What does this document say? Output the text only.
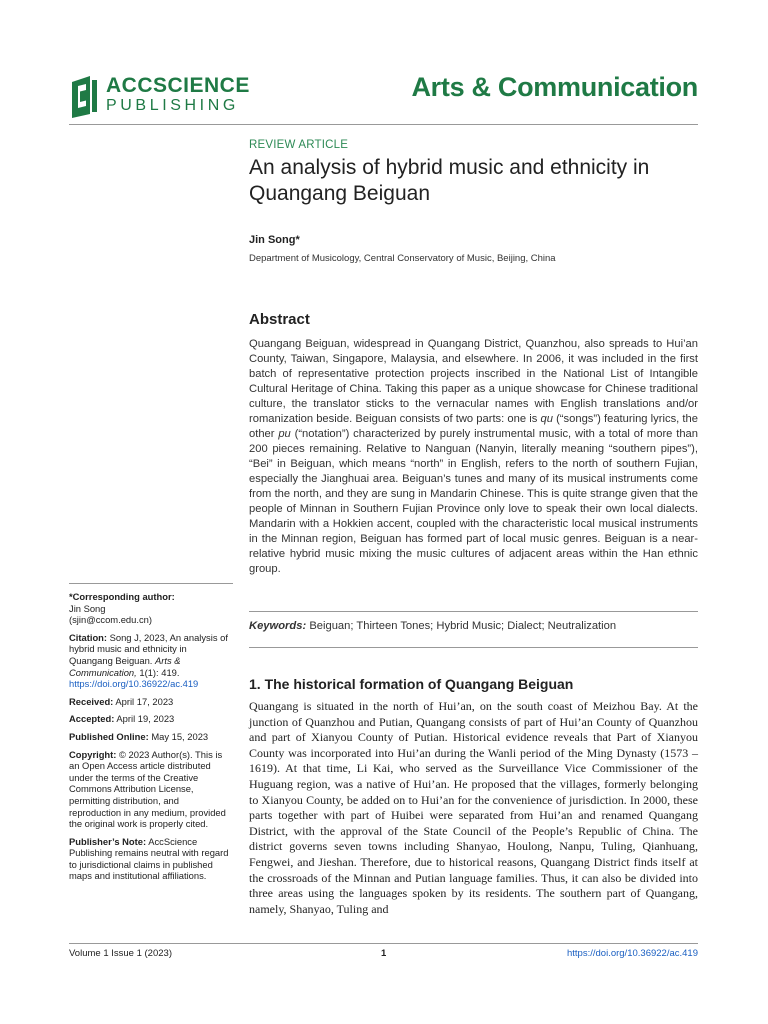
ACCSCIENCE
PUBLISHING
Arts & Communication
REVIEW ARTICLE
An analysis of hybrid music and ethnicity in Quangang Beiguan
Jin Song*
Department of Musicology, Central Conservatory of Music, Beijing, China
Abstract
Quangang Beiguan, widespread in Quangang District, Quanzhou, also spreads to Hui’an County, Taiwan, Singapore, Malaysia, and elsewhere. In 2006, it was included in the first batch of representative protection projects inscribed in the National List of Intangible Cultural Heritage of China. Taking this paper as a unique showcase for Chinese traditional culture, the translator sticks to the vernacular names with English translations and/or romanization beside. Beiguan consists of two parts: one is qu (“songs”) featuring lyrics, the other pu (“notation”) characterized by purely instrumental music, with a total of more than 200 pieces remaining. Relative to Nanguan (Nanyin, literally meaning “southern pipes”), “Bei” in Beiguan, which means “north” in English, refers to the north of southern Fujian, especially the Jianghuai area. Beiguan’s tunes and many of its musical instruments come from the north, and they are sung in Mandarin Chinese. This is quite strange given that the people of Minnan in Southern Fujian Province only love to speak their own local dialects. Mandarin with a Hokkien accent, coupled with the characteristic local musical instruments in the Minnan region, Beiguan has formed part of local music genres. Beiguan is a near-relative hybrid music mixing the music cultures of adjacent areas within the Han ethnic group.
Keywords: Beiguan; Thirteen Tones; Hybrid Music; Dialect; Neutralization
1. The historical formation of Quangang Beiguan
Quangang is situated in the north of Hui’an, on the south coast of Meizhou Bay. At the junction of Quanzhou and Putian, Quangang consists of part of Hui’an County of Quanzhou and part of Xianyou County of Putian. Historical evidence reveals that Part of Xianyou County was incorporated into Hui’an during the Wanli period of the Ming Dynasty (1573 – 1619). At that time, Li Kai, who served as the Surveillance Vice Commissioner of the Huguang region, was a native of Hui’an. He proposed that the villages, formerly belonging to Xianyou County, be added on to Hui’an for the convenience of jurisdiction. In 2000, these parts together with part of Huibei were separated from Hui’an and renamed Quangang District, with the approval of the State Council of the People’s Republic of China. The district governs seven towns including Shanyao, Houlong, Nanpu, Tuling, Qianhuang, Fengwei, and Jieshan. Therefore, due to historical reasons, Quangang District finds itself at the crossroads of the Minnan and Putian language families. Thus, it can also be divided into three areas using the languages spoken by its residents. The southern part of Quangang, namely, Shanyao, Tuling and
*Corresponding author:
Jin Song
(sjin@ccom.edu.cn)
Citation: Song J, 2023, An analysis of hybrid music and ethnicity in Quangang Beiguan. Arts & Communication, 1(1): 419.
https://doi.org/10.36922/ac.419
Received: April 17, 2023
Accepted: April 19, 2023
Published Online: May 15, 2023
Copyright: © 2023 Author(s). This is an Open Access article distributed under the terms of the Creative Commons Attribution License, permitting distribution, and reproduction in any medium, provided the original work is properly cited.
Publisher’s Note: AccScience Publishing remains neutral with regard to jurisdictional claims in published maps and institutional affiliations.
Volume 1 Issue 1 (2023)	1	https://doi.org/10.36922/ac.419
